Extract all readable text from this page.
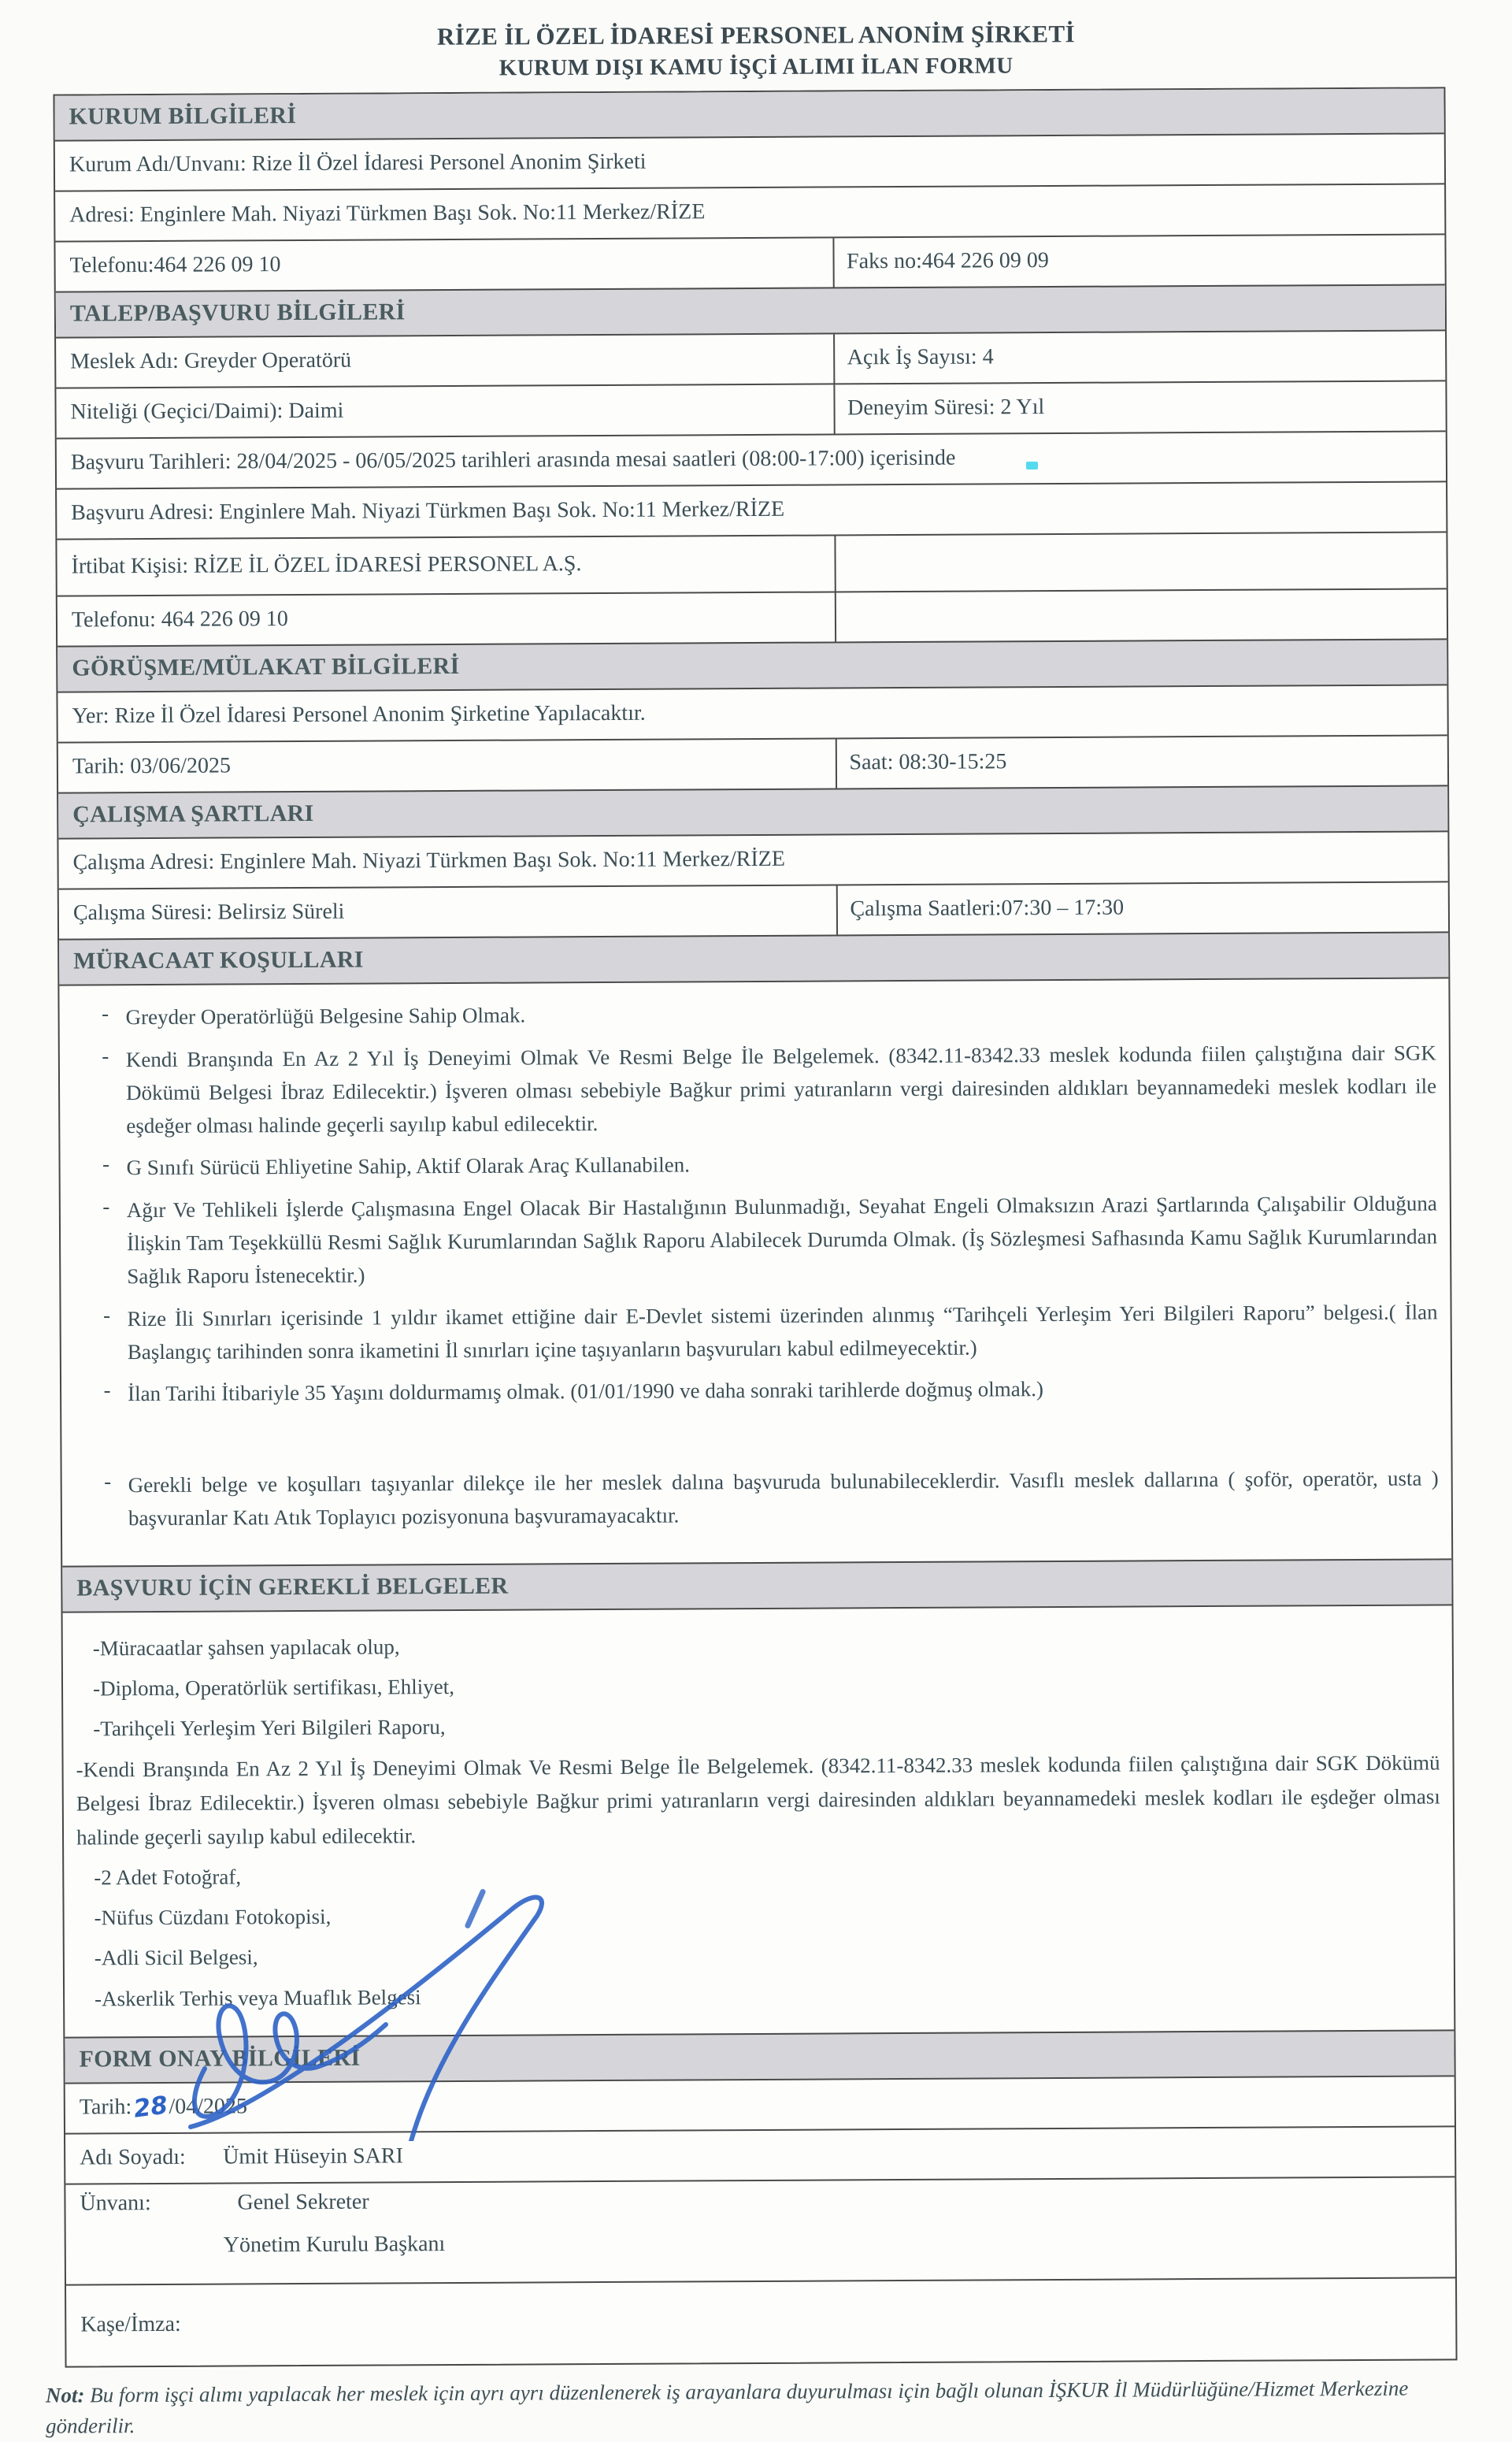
RİZE İL ÖZEL İDARESİ PERSONEL ANONİM ŞİRKETİ
KURUM DIŞI KAMU İŞÇİ ALIMI İLAN FORMU
KURUM BİLGİLERİ
Kurum Adı/Unvanı: Rize İl Özel İdaresi Personel Anonim Şirketi
Adresi: Enginlere Mah. Niyazi Türkmen Başı Sok. No:11 Merkez/RİZE
Telefonu:464 226 09 10	Faks no:464 226 09 09
TALEP/BAŞVURU BİLGİLERİ
Meslek Adı: Greyder Operatörü	Açık İş Sayısı: 4
Niteliği (Geçici/Daimi): Daimi	Deneyim Süresi: 2 Yıl
Başvuru Tarihleri: 28/04/2025 - 06/05/2025 tarihleri arasında mesai saatleri (08:00-17:00) içerisinde
Başvuru Adresi: Enginlere Mah. Niyazi Türkmen Başı Sok. No:11 Merkez/RİZE
İrtibat Kişisi: RİZE İL ÖZEL İDARESİ PERSONEL A.Ş.
Telefonu: 464 226 09 10
GÖRÜŞME/MÜLAKAT BİLGİLERİ
Yer: Rize İl Özel İdaresi Personel Anonim Şirketine Yapılacaktır.
Tarih: 03/06/2025	Saat: 08:30-15:25
ÇALIŞMA ŞARTLARI
Çalışma Adresi: Enginlere Mah. Niyazi Türkmen Başı Sok. No:11 Merkez/RİZE
Çalışma Süresi: Belirsiz Süreli	Çalışma Saatleri:07:30 – 17:30
MÜRACAAT KOŞULLARI
- Greyder Operatörlüğü Belgesine Sahip Olmak.
- Kendi Branşında En Az 2 Yıl İş Deneyimi Olmak Ve Resmi Belge İle Belgelemek. (8342.11-8342.33 meslek kodunda fiilen çalıştığına dair SGK Dökümü Belgesi İbraz Edilecektir.) İşveren olması sebebiyle Bağkur primi yatıranların vergi dairesinden aldıkları beyannamedeki meslek kodları ile eşdeğer olması halinde geçerli sayılıp kabul edilecektir.
- G Sınıfı Sürücü Ehliyetine Sahip, Aktif Olarak Araç Kullanabilen.
- Ağır Ve Tehlikeli İşlerde Çalışmasına Engel Olacak Bir Hastalığının Bulunmadığı, Seyahat Engeli Olmaksızın Arazi Şartlarında Çalışabilir Olduğuna İlişkin Tam Teşekküllü Resmi Sağlık Kurumlarından Sağlık Raporu Alabilecek Durumda Olmak. (İş Sözleşmesi Safhasında Kamu Sağlık Kurumlarından Sağlık Raporu İstenecektir.)
- Rize İli Sınırları içerisinde 1 yıldır ikamet ettiğine dair E-Devlet sistemi üzerinden alınmış “Tarihçeli Yerleşim Yeri Bilgileri Raporu” belgesi.( İlan Başlangıç tarihinden sonra ikametini İl sınırları içine taşıyanların başvuruları kabul edilmeyecektir.)
- İlan Tarihi İtibariyle 35 Yaşını doldurmamış olmak. (01/01/1990 ve daha sonraki tarihlerde doğmuş olmak.)
- Gerekli belge ve koşulları taşıyanlar dilekçe ile her meslek dalına başvuruda bulunabileceklerdir. Vasıflı meslek dallarına ( şoför, operatör, usta ) başvuranlar Katı Atık Toplayıcı pozisyonuna başvuramayacaktır.
BAŞVURU İÇİN GEREKLİ BELGELER
-Müracaatlar şahsen yapılacak olup,
-Diploma, Operatörlük sertifikası, Ehliyet,
-Tarihçeli Yerleşim Yeri Bilgileri Raporu,
-Kendi Branşında En Az 2 Yıl İş Deneyimi Olmak Ve Resmi Belge İle Belgelemek. (8342.11-8342.33 meslek kodunda fiilen çalıştığına dair SGK Dökümü Belgesi İbraz Edilecektir.) İşveren olması sebebiyle Bağkur primi yatıranların vergi dairesinden aldıkları beyannamedeki meslek kodları ile eşdeğer olması halinde geçerli sayılıp kabul edilecektir.
-2 Adet Fotoğraf,
-Nüfus Cüzdanı Fotokopisi,
-Adli Sicil Belgesi,
-Askerlik Terhis veya Muaflık Belgesi
FORM ONAY BİLGİLERİ
Tarih: 28
/04/2025
Adı Soyadı:	Ümit Hüseyin SARI
Ünvanı:	Genel Sekreter
Yönetim Kurulu Başkanı
Kaşe/İmza:
Not: Bu form işçi alımı yapılacak her meslek için ayrı ayrı düzenlenerek iş arayanlara duyurulması için bağlı olunan İŞKUR İl Müdürlüğüne/Hizmet Merkezine gönderilir.
